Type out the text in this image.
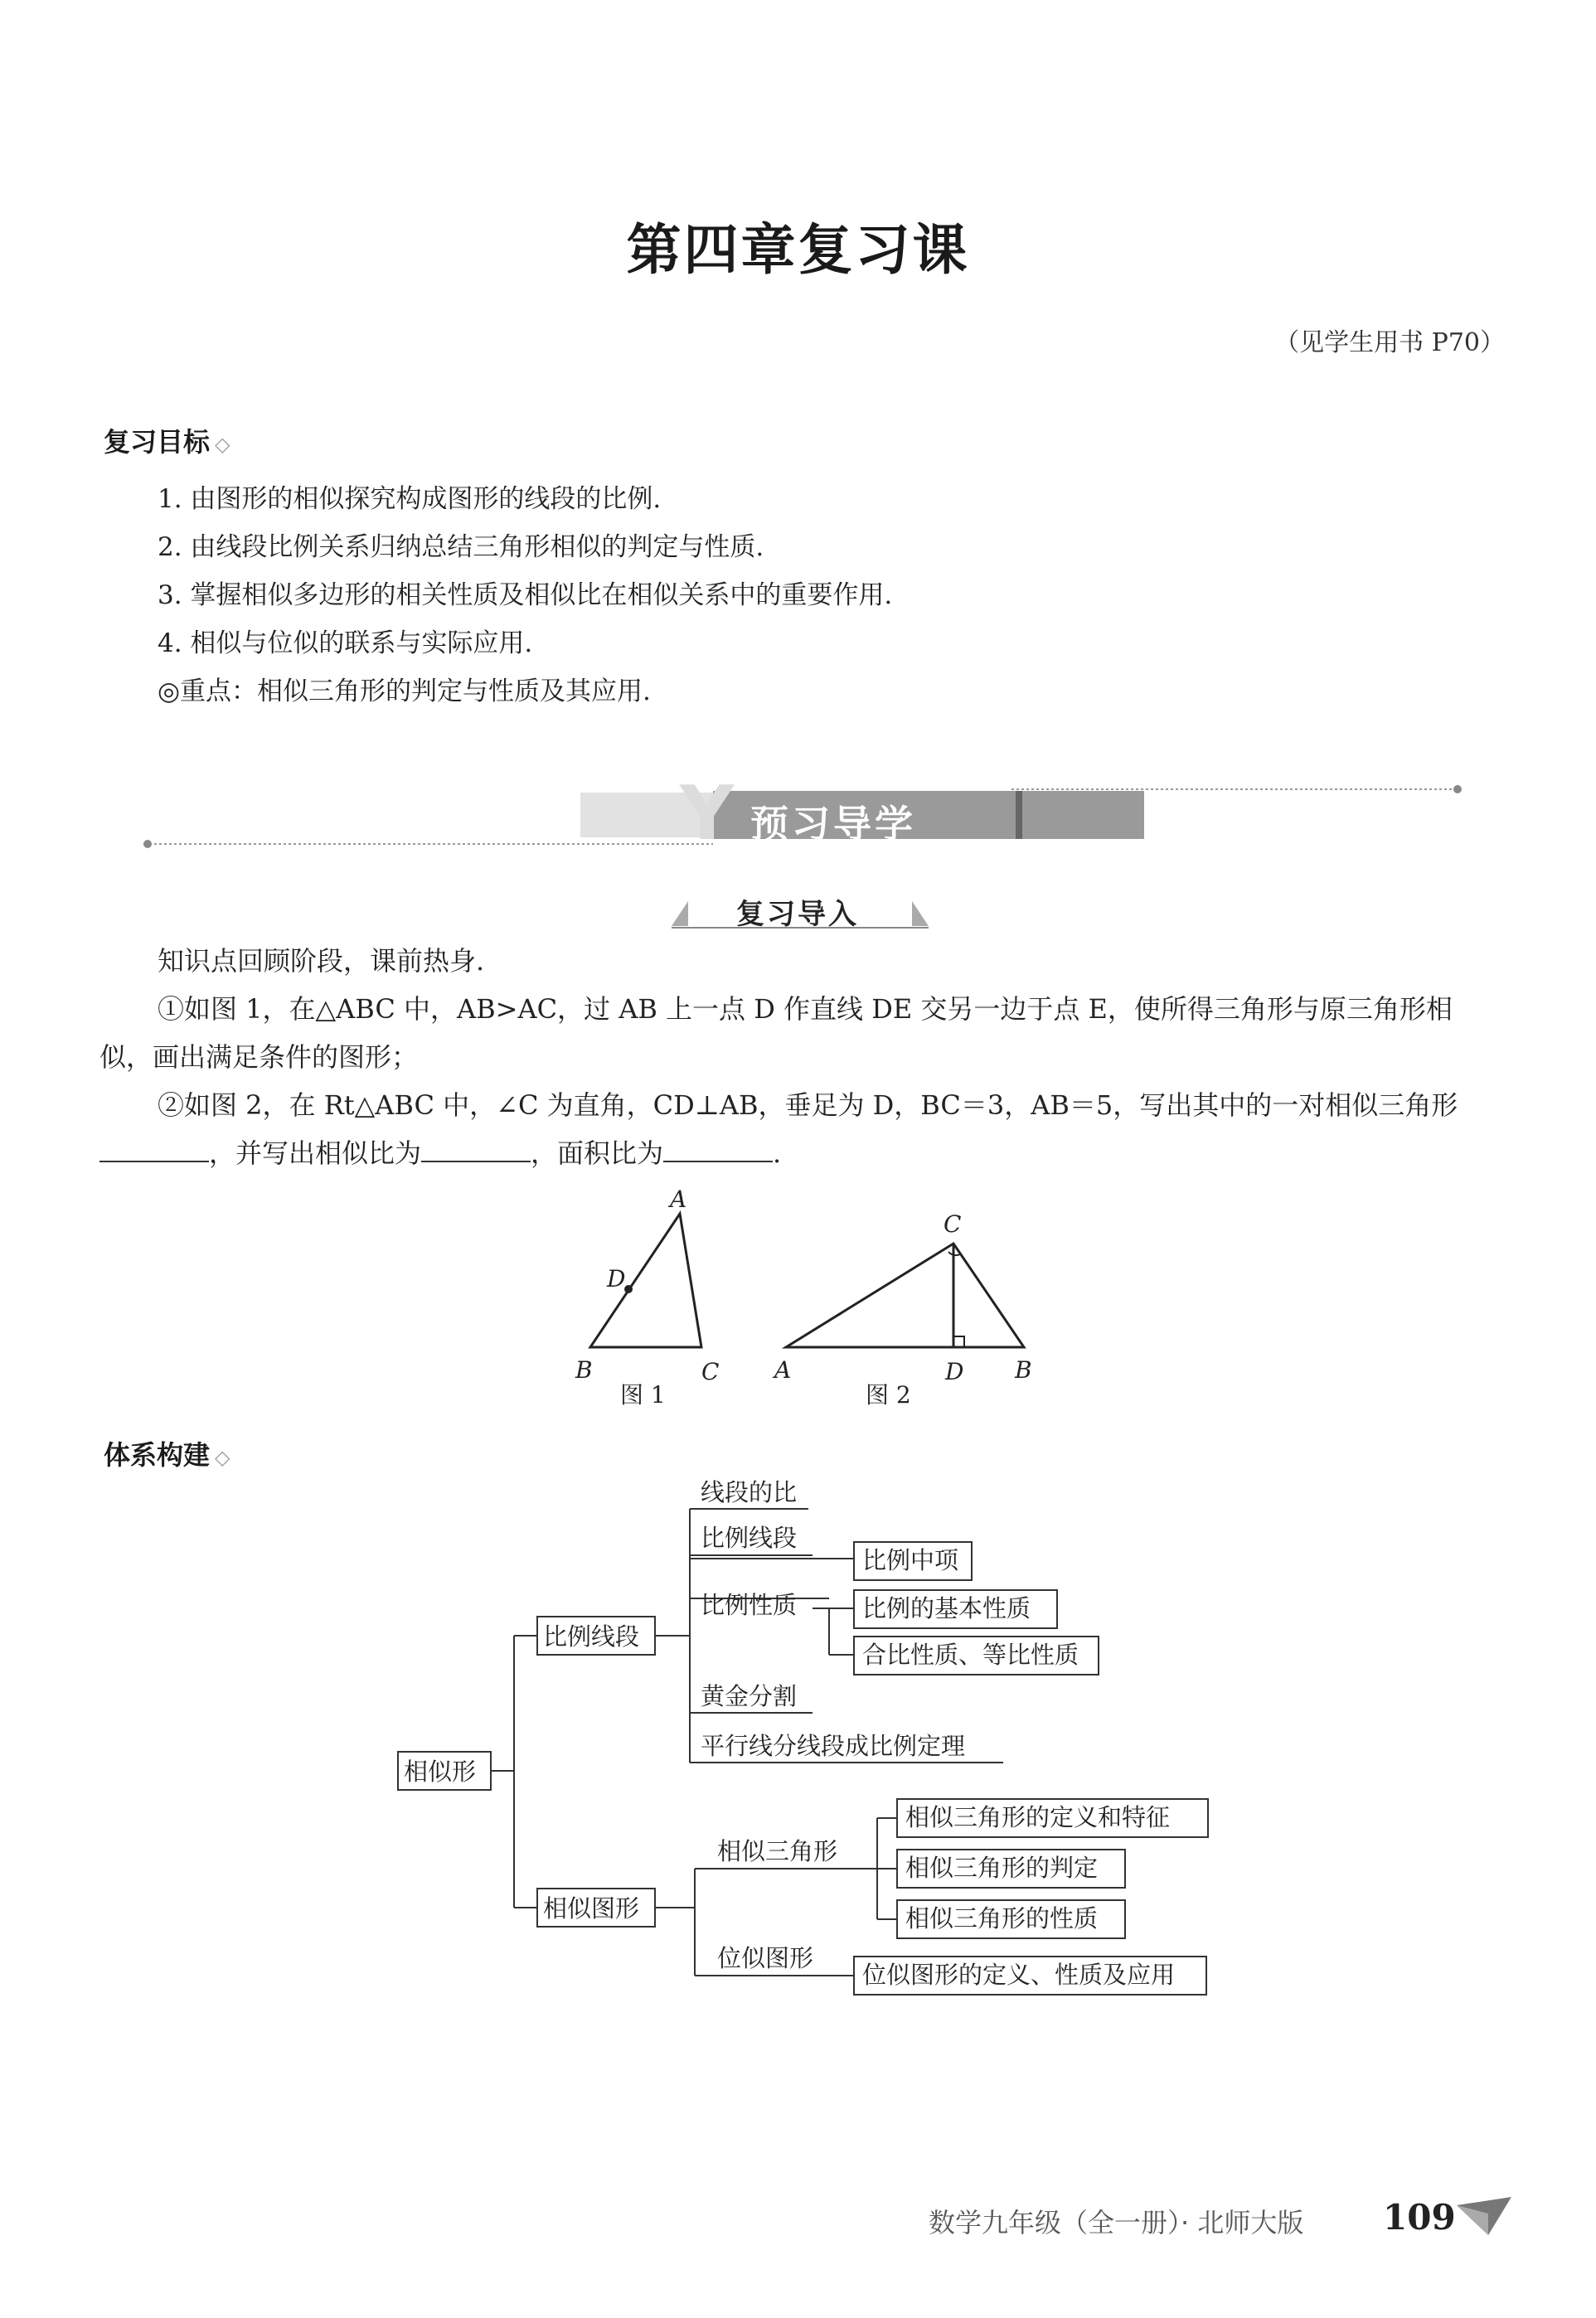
第四章复习课
（见学生用书 P70）
复习目标 ◇
1. 由图形的相似探究构成图形的线段的比例.
2. 由线段比例关系归纳总结三角形相似的判定与性质.
3. 掌握相似多边形的相关性质及相似比在相似关系中的重要作用.
4. 相似与位似的联系与实际应用.
◎重点：相似三角形的判定与性质及其应用.
Y 预习导学
复习导入
知识点回顾阶段，课前热身.
①如图 1，在△ABC 中，AB>AC，过 AB 上一点 D 作直线 DE 交另一边于点 E，使所得三角形与原三角形相
似，画出满足条件的图形；
②如图 2，在 Rt△ABC 中，∠C 为直角，CD⊥AB，垂足为 D，BC＝3，AB＝5，写出其中的一对相似三角形
，并写出相似比为	，面积比为	.
A
D
B	C
图 1
C
A	D B
图 2
体系构建 ◇
相似形
比例线段
线段的比
比例线段
比例性质
黄金分割
平行线分线段成比例定理
比例中项
比例的基本性质
合比性质、等比性质
相似图形
相似三角形
位似图形
相似三角形的定义和特征
相似三角形的判定
相似三角形的性质
位似图形的定义、性质及应用
数学九年级（全一册）· 北师大版 109
